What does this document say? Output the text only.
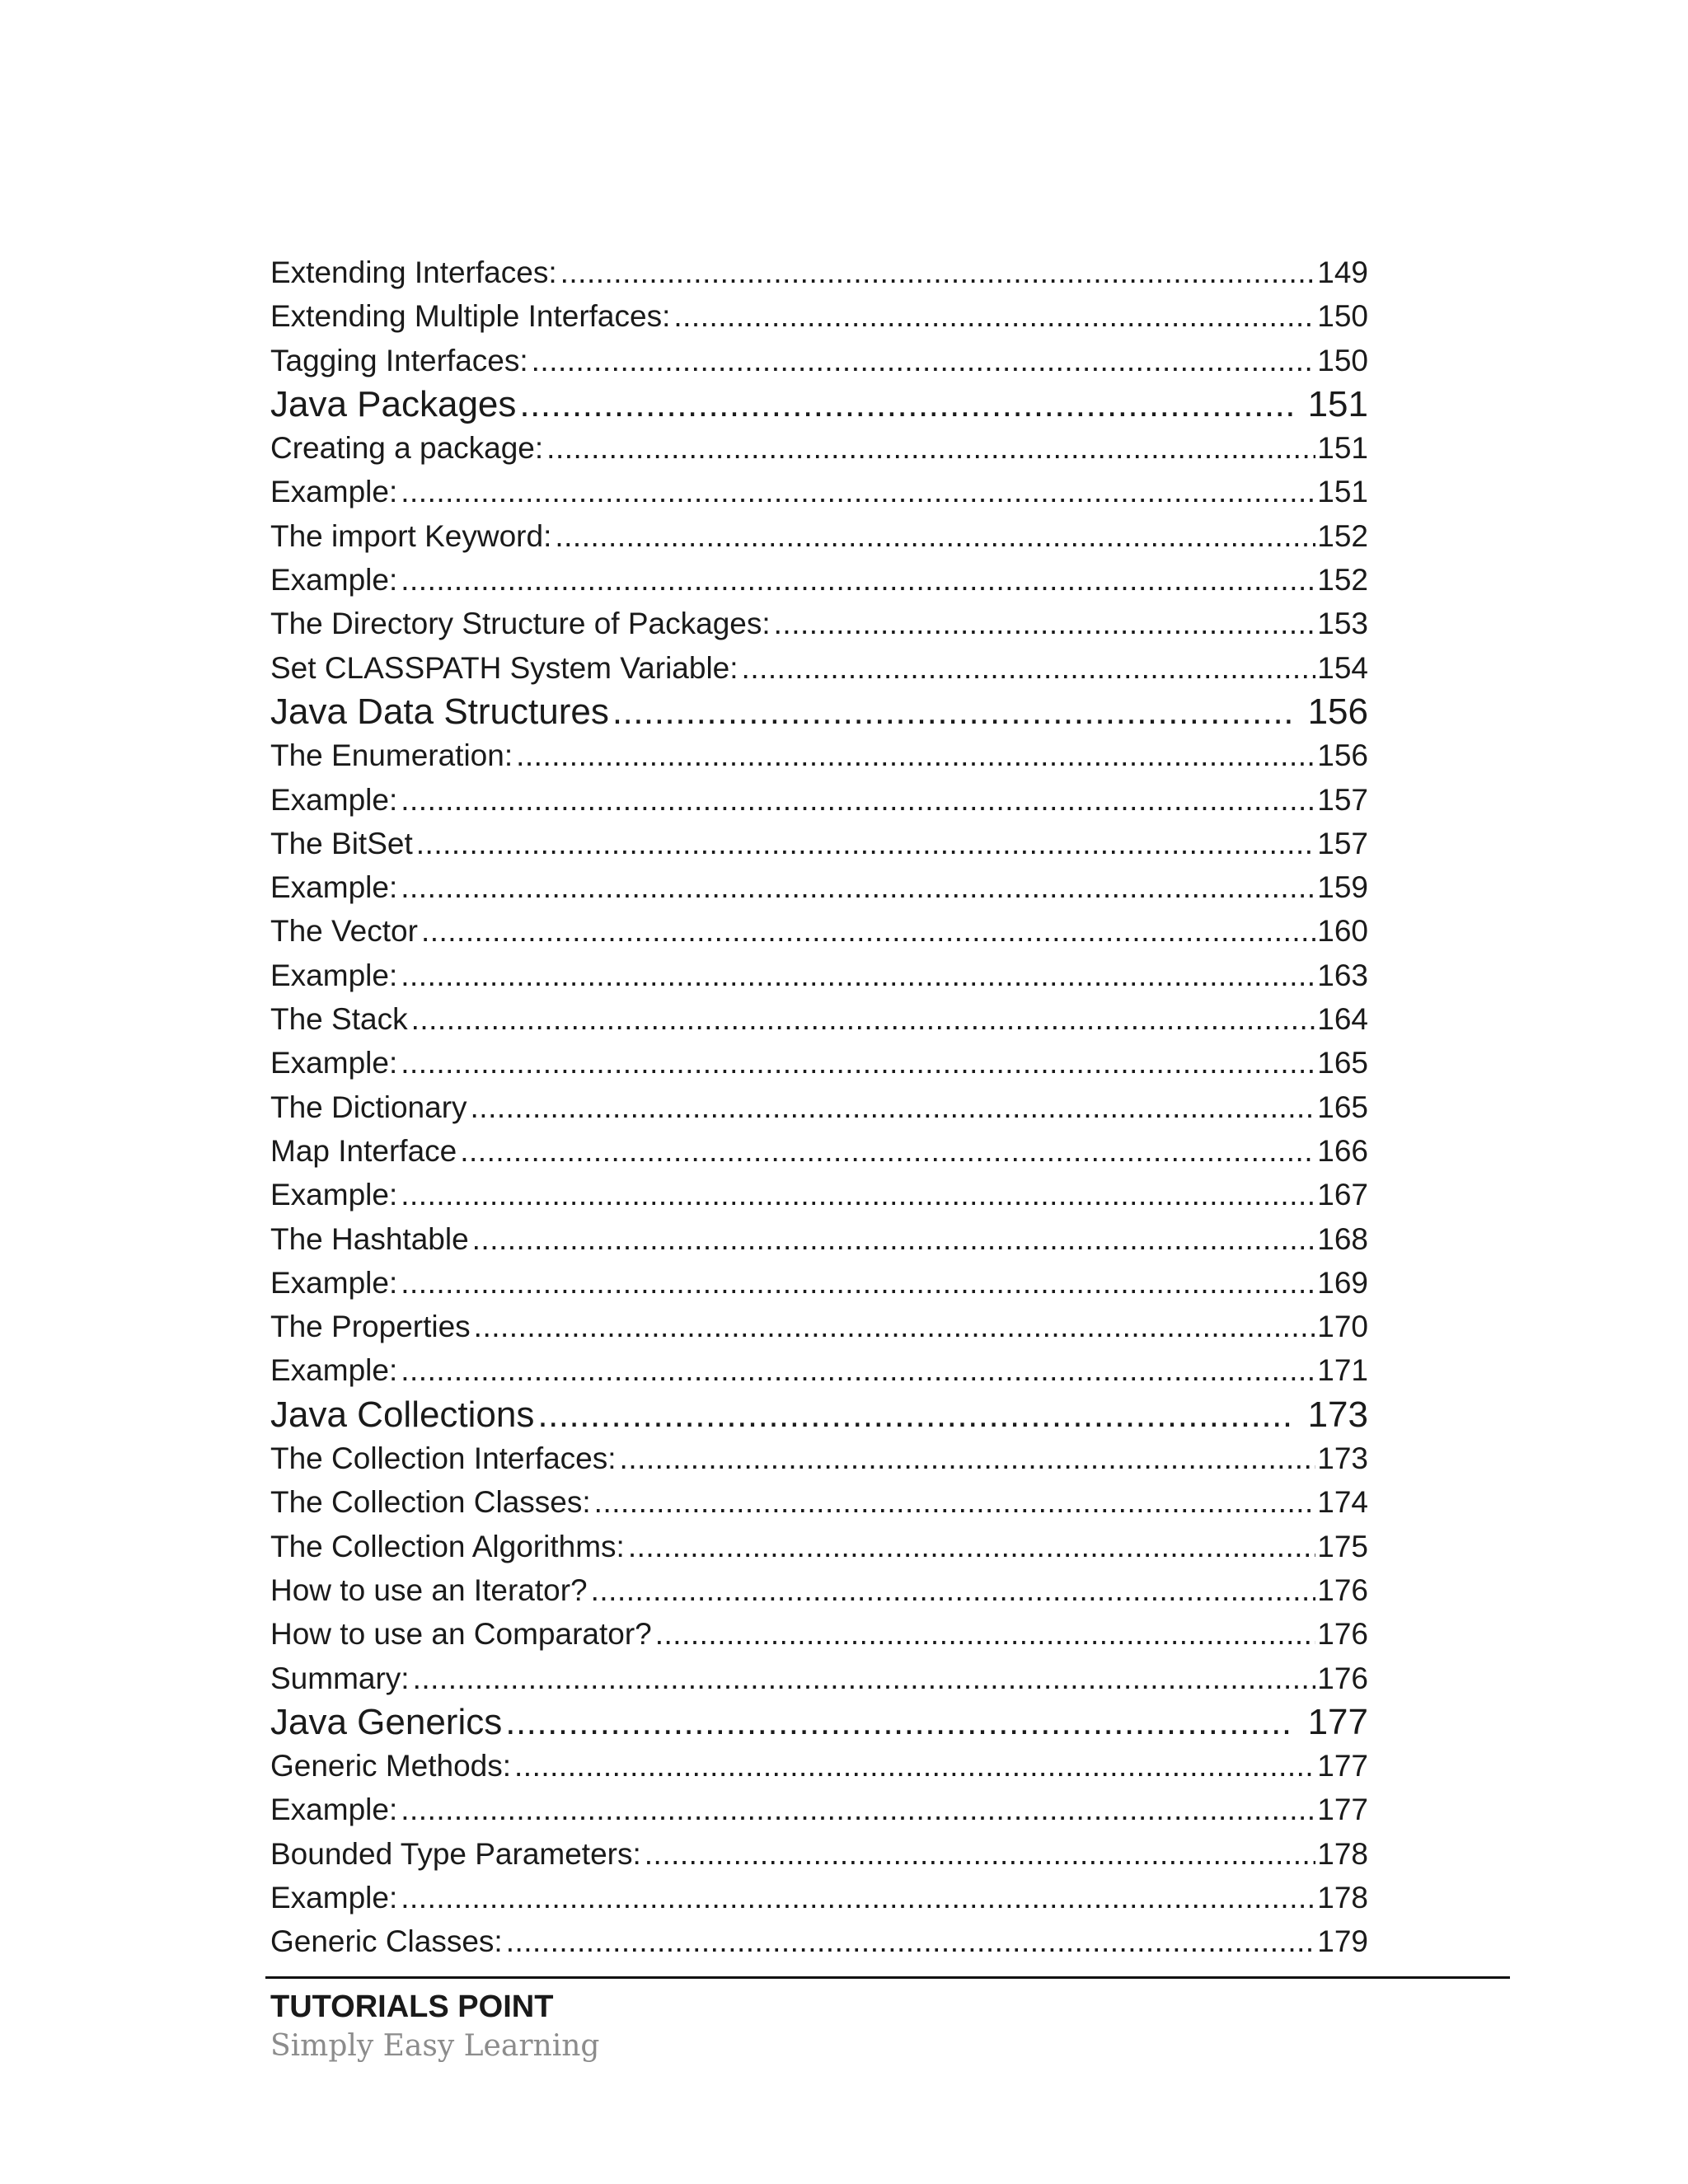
Extending Interfaces: .....	149
Extending Multiple Interfaces: .....	150
Tagging Interfaces: .....	150
Java Packages .....	151
Creating a package: .....	151
Example: .....	151
The import Keyword: .....	152
Example: .....	152
The Directory Structure of Packages: .....	153
Set CLASSPATH System Variable: .....	154
Java Data Structures .....	156
The Enumeration: .....	156
Example: .....	157
The BitSet .....	157
Example: .....	159
The Vector .....	160
Example: .....	163
The Stack .....	164
Example: .....	165
The Dictionary .....	165
Map Interface .....	166
Example: .....	167
The Hashtable .....	168
Example: .....	169
The Properties .....	170
Example: .....	171
Java Collections .....	173
The Collection Interfaces: .....	173
The Collection Classes: .....	174
The Collection Algorithms: .....	175
How to use an Iterator? .....	176
How to use an Comparator? .....	176
Summary: .....	176
Java Generics .....	177
Generic Methods: .....	177
Example: .....	177
Bounded Type Parameters: .....	178
Example: .....	178
Generic Classes: .....	179
TUTORIALS POINT
Simply Easy Learning
